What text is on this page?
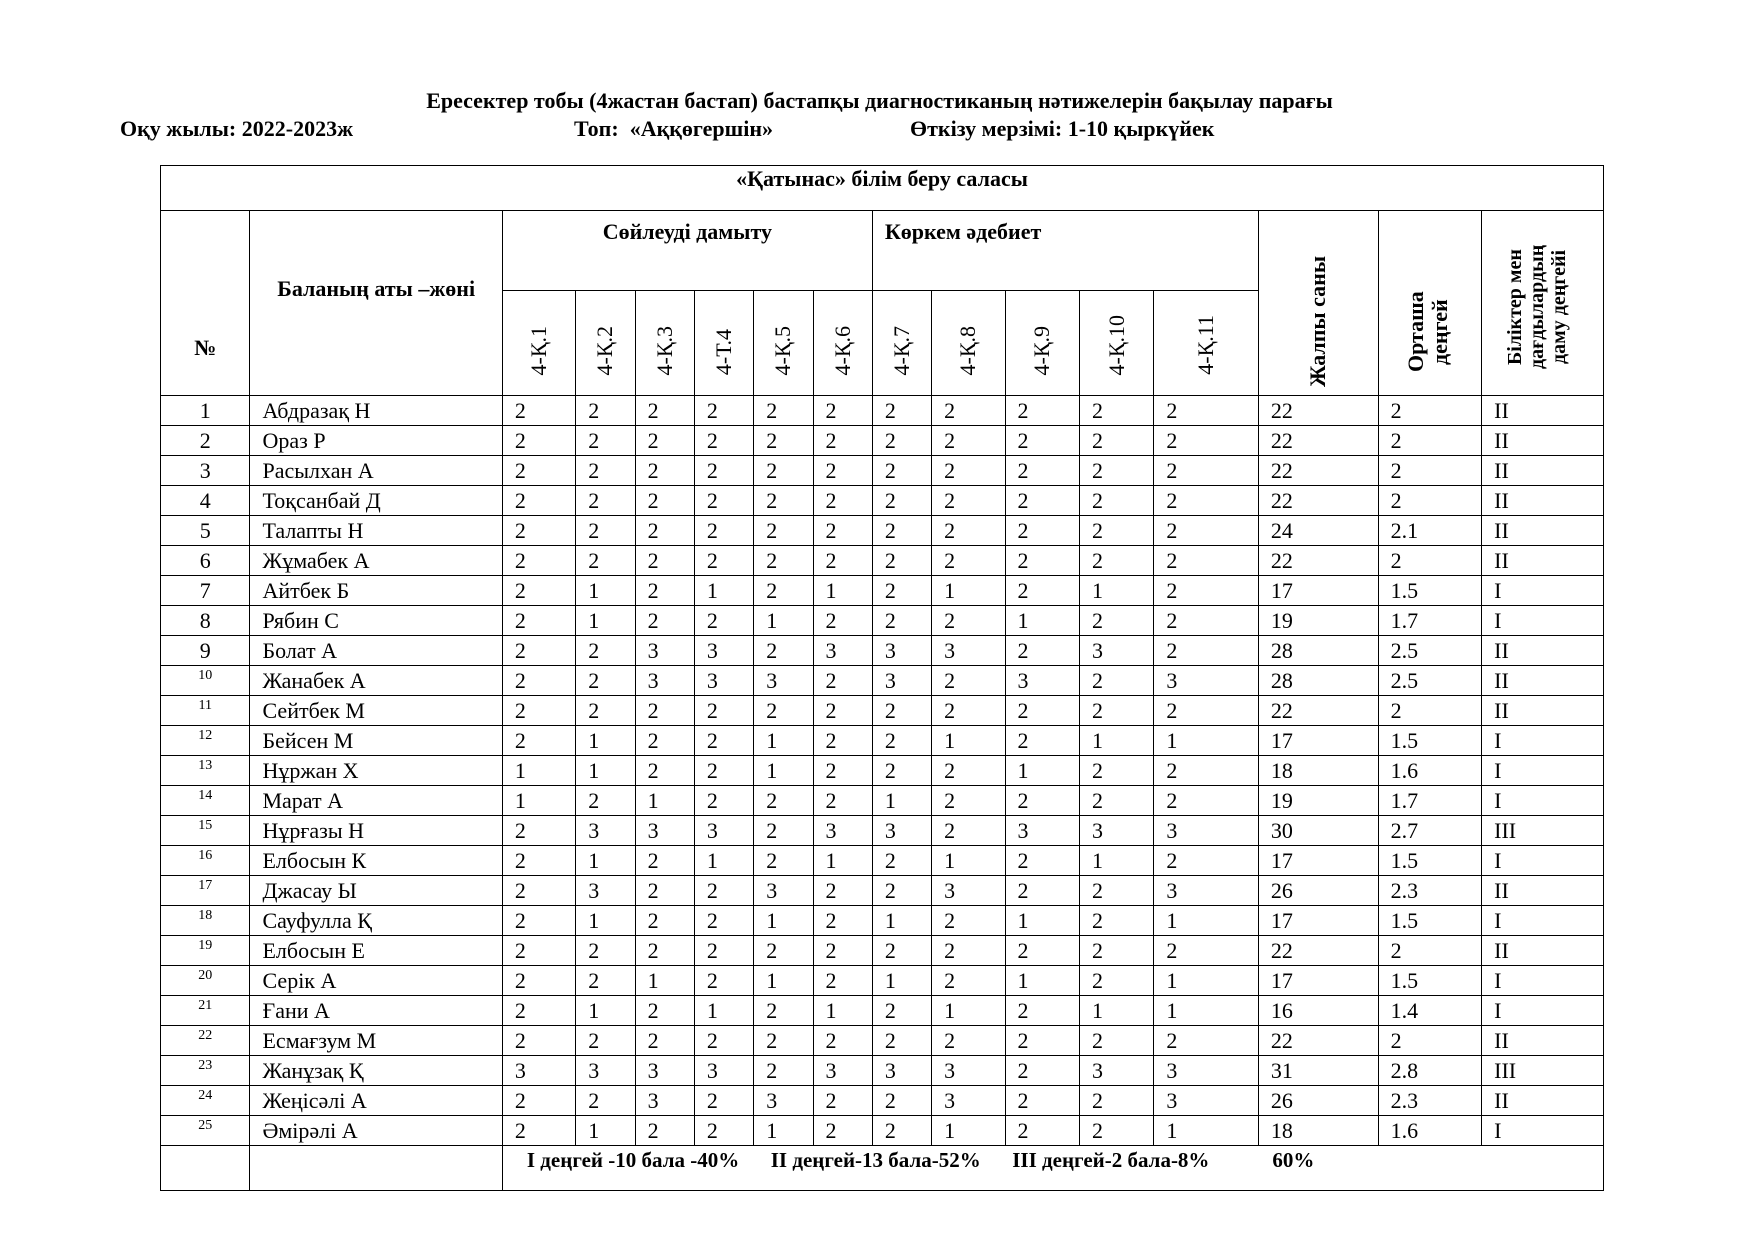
Ересектер тобы (4жастан бастап) бастапқы диагностиканың нәтижелерін бақылау парағы
Оқу жылы: 2022-2023ж	Топ:  «Аққөгершін»	Өткізу мерзімі: 1-10 қыркүйек
«Қатынас» білім беру саласы															
№	Баланың аты –жөні	Сөйлеуді дамыту						Көркем әдебиет					Жалпы саны	Орташа деңгей	Біліктер мен дағдылардың даму деңгейі

		4-Қ.1	4-Қ.2	4-Қ.3	4-Т.4	4-Қ.5	4-Қ.6	4-Қ.7	4-Қ.8	4-Қ.9	4-Қ.10	4-Қ.11			

1	Абдразақ Н	2	2	2	2	2	2	2	2	2	2	2	22	2	II
2	Ораз Р	2	2	2	2	2	2	2	2	2	2	2	22	2	II
3	Расылхан А	2	2	2	2	2	2	2	2	2	2	2	22	2	II
4	Тоқсанбай Д	2	2	2	2	2	2	2	2	2	2	2	22	2	II
5	Талапты Н	2	2	2	2	2	2	2	2	2	2	2	24	2.1	II
6	Жұмабек А	2	2	2	2	2	2	2	2	2	2	2	22	2	II
7	Айтбек Б	2	1	2	1	2	1	2	1	2	1	2	17	1.5	I
8	Рябин С	2	1	2	2	1	2	2	2	1	2	2	19	1.7	I
9	Болат А	2	2	3	3	2	3	3	3	2	3	2	28	2.5	II
10	Жанабек А	2	2	3	3	3	2	3	2	3	2	3	28	2.5	II
11	Сейтбек М	2	2	2	2	2	2	2	2	2	2	2	22	2	II
12	Бейсен М	2	1	2	2	1	2	2	1	2	1	1	17	1.5	I
13	Нұржан Х	1	1	2	2	1	2	2	2	1	2	2	18	1.6	I
14	Марат А	1	2	1	2	2	2	1	2	2	2	2	19	1.7	I
15	Нұрғазы Н	2	3	3	3	2	3	3	2	3	3	3	30	2.7	III
16	Елбосын К	2	1	2	1	2	1	2	1	2	1	2	17	1.5	I
17	Джасау Ы	2	3	2	2	3	2	2	3	2	2	3	26	2.3	II
18	Сауфулла Қ	2	1	2	2	1	2	1	2	1	2	1	17	1.5	I
19	Елбосын Е	2	2	2	2	2	2	2	2	2	2	2	22	2	II
20	Серік А	2	2	1	2	1	2	1	2	1	2	1	17	1.5	I
21	Ғани А	2	1	2	1	2	1	2	1	2	1	1	16	1.4	I
22	Есмағзум М	2	2	2	2	2	2	2	2	2	2	2	22	2	II
23	Жанұзақ Қ	3	3	3	3	2	3	3	3	2	3	3	31	2.8	III
24	Жеңісәлі А	2	2	3	2	3	2	2	3	2	2	3	26	2.3	II
25	Әмірәлі А	2	1	2	2	1	2	2	1	2	2	1	18	1.6	I
		І деңгей -10 бала -40%      ІІ деңгей-13 бала-52%      ІІІ деңгей-2 бала-8%            60%													
